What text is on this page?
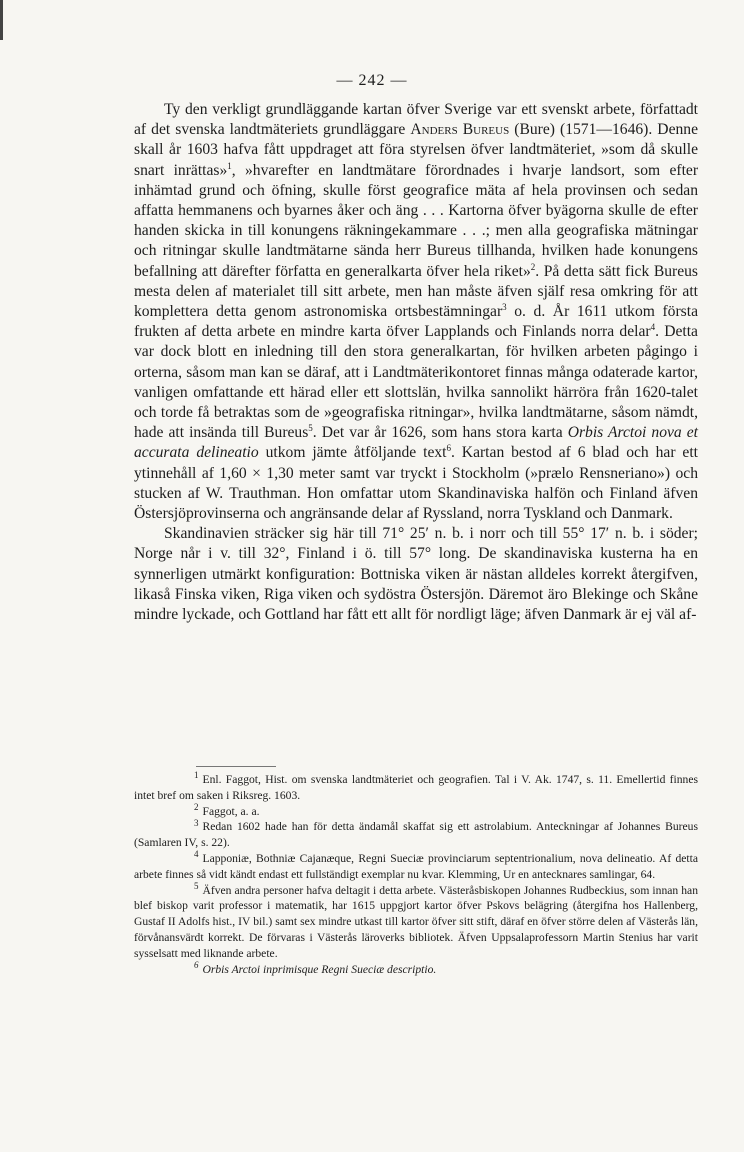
— 242 —

Ty den verkligt grundläggande kartan öfver Sverige var ett svenskt arbete, författadt af det svenska landtmäteriets grundläggare Anders Bureus (Bure) (1571—1646). Denne skall år 1603 hafva fått uppdraget att föra styrelsen öfver landtmäteriet, »som då skulle snart inrättas»$^1$, »hvarefter en landtmätare förordnades i hvarje landsort, som efter inhämtad grund och öfning, skulle först geografice mäta af hela provinsen och sedan affatta hemmanens och byarnes åker och äng . . . Kartorna öfver byägorna skulle de efter handen skicka in till konungens räkningekammare . . .; men alla geografiska mätningar och ritningar skulle landtmätarne sända herr Bureus tillhanda, hvilken hade konungens befallning att därefter författa en generalkarta öfver hela riket»$^2$. På detta sätt fick Bureus mesta delen af materialet till sitt arbete, men han måste äfven själf resa omkring för att komplettera detta genom astronomiska ortsbestämningar$^3$ o. d. År 1611 utkom första frukten af detta arbete en mindre karta öfver Lapplands och Finlands norra delar$^4$. Detta var dock blott en inledning till den stora generalkartan, för hvilken arbeten pågingo i orterna, såsom man kan se däraf, att i Landtmäterikontoret finnas många odaterade kartor, vanligen omfattande ett härad eller ett slottslän, hvilka sannolikt härröra från 1620-talet och torde få betraktas som de »geografiska ritningar», hvilka landtmätarne, såsom nämdt, hade att insända till Bureus$^5$. Det var år 1626, som hans stora karta Orbis Arctoi nova et accurata delineatio utkom jämte åtföljande text$^6$. Kartan bestod af 6 blad och har ett ytinnehåll af 1,60 × 1,30 meter samt var tryckt i Stockholm (»prælo Rensneriano») och stucken af W. Trauthman. Hon omfattar utom Skandinaviska halfön och Finland äfven Östersjöprovinserna och angränsande delar af Ryssland, norra Tyskland och Danmark.

Skandinavien sträcker sig här till 71° 25′ n. b. i norr och till 55° 17′ n. b. i söder; Norge når i v. till 32°, Finland i ö. till 57° long. De skandinaviska kusterna ha en synnerligen utmärkt konfiguration: Bottniska viken är nästan alldeles korrekt återgifven, likaså Finska viken, Riga viken och sydöstra Östersjön. Däremot äro Blekinge och Skåne mindre lyckade, och Gottland har fått ett allt för nordligt läge; äfven Danmark är ej väl af-

$^1$ Enl. Faggot, Hist. om svenska landtmäteriet och geografien. Tal i V. Ak. 1747, s. 11. Emellertid finnes intet bref om saken i Riksreg. 1603.

$^2$ Faggot, a. a.

$^3$ Redan 1602 hade han för detta ändamål skaffat sig ett astrolabium. Anteckningar af Johannes Bureus (Samlaren IV, s. 22).

$^4$ Lapponiæ, Bothniæ Cajanæque, Regni Sueciæ provinciarum septentrionalium, nova delineatio. Af detta arbete finnes så vidt kändt endast ett fullständigt exemplar nu kvar. Klemming, Ur en antecknares samlingar, 64.

$^5$ Äfven andra personer hafva deltagit i detta arbete. Västeråsbiskopen Johannes Rudbeckius, som innan han blef biskop varit professor i matematik, har 1615 uppgjort kartor öfver Pskovs belägring (återgifna hos Hallenberg, Gustaf II Adolfs hist., IV bil.) samt sex mindre utkast till kartor öfver sitt stift, däraf en öfver större delen af Västerås län, förvånansvärdt korrekt. De förvaras i Västerås läroverks bibliotek. Äfven Uppsalaprofessorn Martin Stenius har varit sysselsatt med liknande arbete.

$^6$ Orbis Arctoi inprimisque Regni Sueciæ descriptio.
